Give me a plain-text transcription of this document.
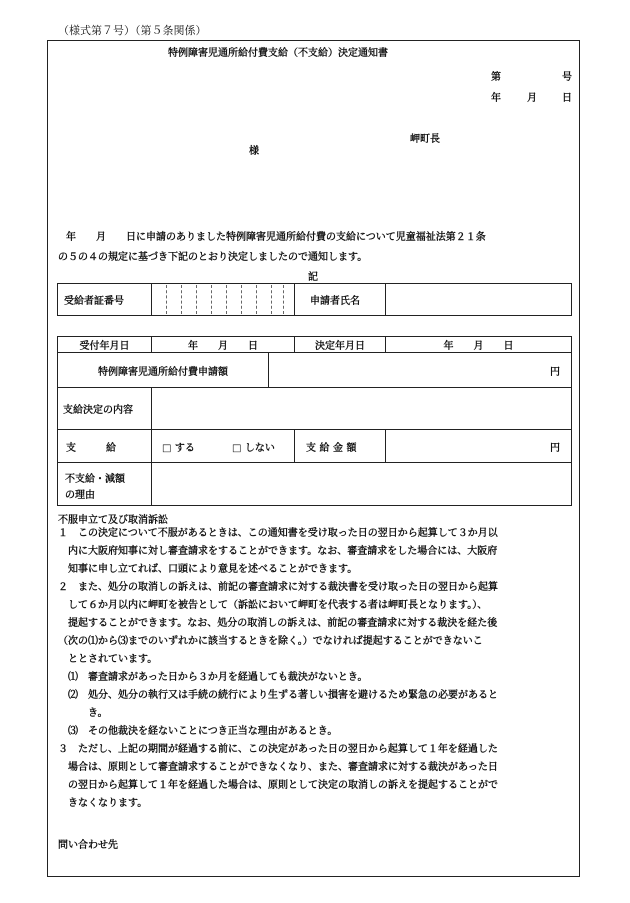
（様式第７号）（第５条関係）
特例障害児通所給付費支給（不支給）決定通知書
第	号
年	月	日
岬町長
様
年　　月　　日に申請のありました特例障害児通所給付費の支給について児童福祉法第２１条
の５の４の規定に基づき下記のとおり決定しましたので通知します。
記
受給者証番号	申請者氏名
受付年月日	年　　月　　日	決定年月日	年　　月　　日
特例障害児通所給付費申請額	円
支給決定の内容
支　　　給	□ する	□ しない	支 給 金 額	円
不支給・減額
の理由
不服申立て及び取消訴訟
１　この決定について不服があるときは、この通知書を受け取った日の翌日から起算して３か月以
　内に大阪府知事に対し審査請求をすることができます。なお、審査請求をした場合には、大阪府
　知事に申し立てれば、口頭により意見を述べることができます。
２　また、処分の取消しの訴えは、前記の審査請求に対する裁決書を受け取った日の翌日から起算
　して６か月以内に岬町を被告として（訴訟において岬町を代表する者は岬町長となります。）、
　提起することができます。なお、処分の取消しの訴えは、前記の審査請求に対する裁決を経た後
（次の⑴から⑶までのいずれかに該当するときを除く。）でなければ提起することができないこ
　ととされています。
　⑴　審査請求があった日から３か月を経過しても裁決がないとき。
　⑵　処分、処分の執行又は手続の続行により生ずる著しい損害を避けるため緊急の必要があると
　　　き。
　⑶　その他裁決を経ないことにつき正当な理由があるとき。
３　ただし、上記の期間が経過する前に、この決定があった日の翌日から起算して１年を経過した
　場合は、原則として審査請求することができなくなり、また、審査請求に対する裁決があった日
　の翌日から起算して１年を経過した場合は、原則として決定の取消しの訴えを提起することがで
　きなくなります。
問い合わせ先
